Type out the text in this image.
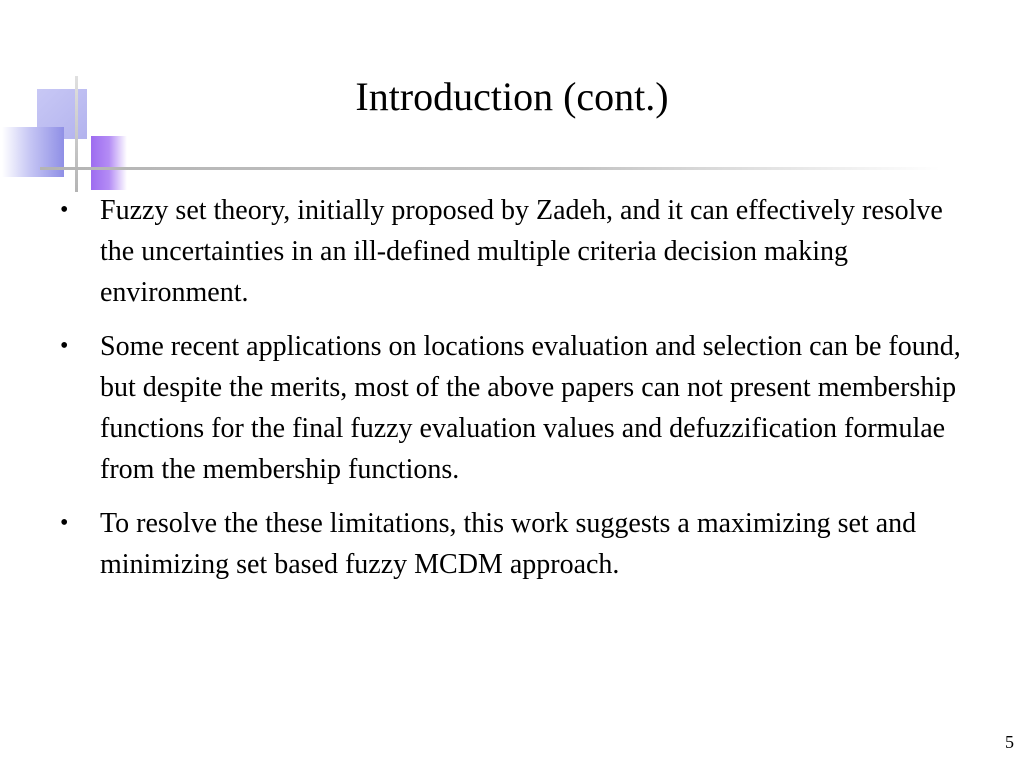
Introduction (cont.)
• Fuzzy set theory, initially proposed by Zadeh, and it can effectively resolve the uncertainties in an ill-defined multiple criteria decision making environment.
• Some recent applications on locations evaluation and selection can be found, but despite the merits, most of the above papers can not present membership functions for the final fuzzy evaluation values and defuzzification formulae from the membership functions.
• To resolve the these limitations, this work suggests a maximizing set and minimizing set based fuzzy MCDM approach.
5
